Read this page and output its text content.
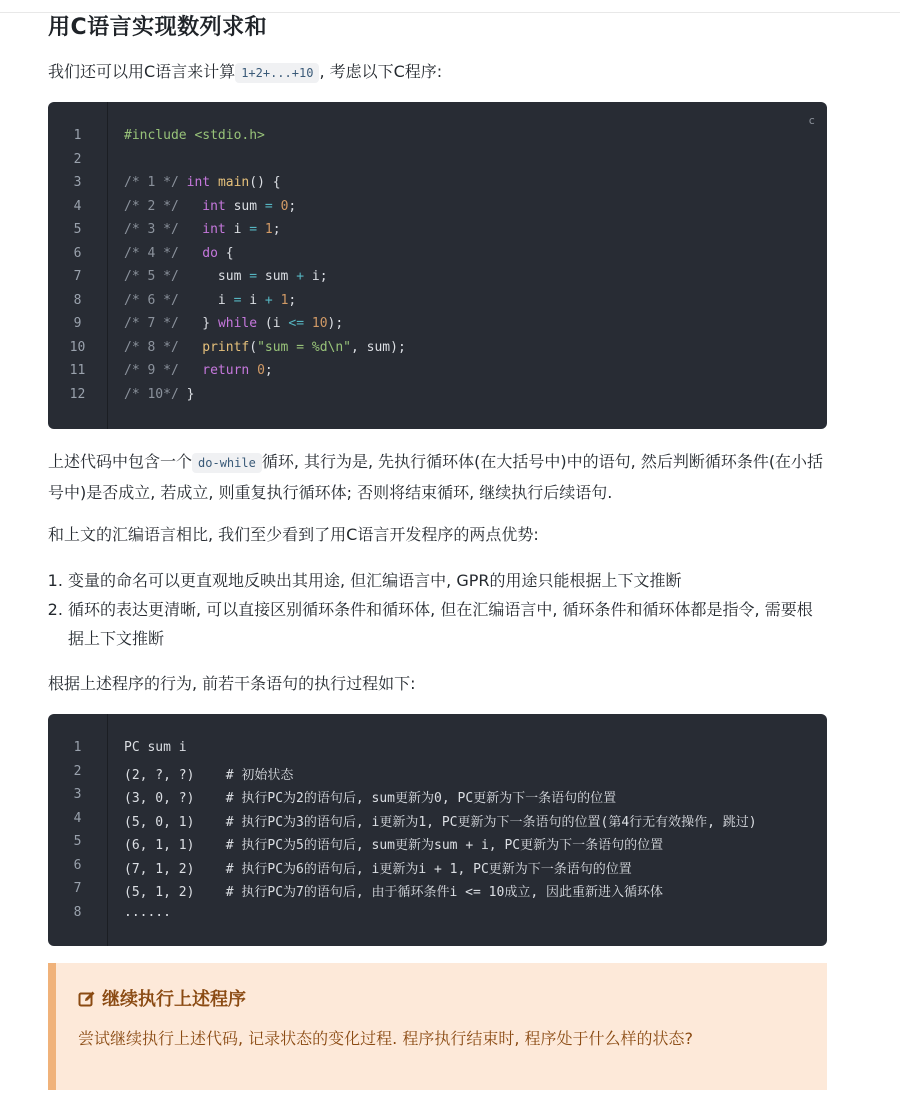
用C语言实现数列求和
我们还可以用C语言来计算 1+2+...+10 , 考虑以下C程序:
c
1	#include <stdio.h>
2
3	/* 1 */ int main() {
4	/* 2 */ int sum = 0;
5	/* 3 */ int i = 1;
6	/* 4 */ do {
7	/* 5 */     sum = sum + i;
8	/* 6 */     i = i + 1;
9	/* 7 */   } while (i <= 10);
10	/* 8 */ printf("sum = %d\n", sum);
11	/* 9 */ return 0;
12	/* 10*/ }
上述代码中包含一个 do-while 循环, 其行为是, 先执行循环体(在大括号中)中的语句, 然后判断循环条件(在小括号中)是否成立, 若成立, 则重复执行循环体; 否则将结束循环, 继续执行后续语句.
和上文的汇编语言相比, 我们至少看到了用C语言开发程序的两点优势:
1. 变量的命名可以更直观地反映出其用途, 但汇编语言中, GPR的用途只能根据上下文推断
2. 循环的表达更清晰, 可以直接区别循环条件和循环体, 但在汇编语言中, 循环条件和循环体都是指令, 需要根据上下文推断
根据上述程序的行为, 前若干条语句的执行过程如下:
1	PC sum i
2	(2, ?, ?)    # 初始状态
3	(3, 0, ?)    # 执行PC为2的语句后, sum更新为0, PC更新为下一条语句的位置
4	(5, 0, 1)    # 执行PC为3的语句后, i更新为1, PC更新为下一条语句的位置(第4行无有效操作, 跳过)
5	(6, 1, 1)    # 执行PC为5的语句后, sum更新为sum + i, PC更新为下一条语句的位置
6	(7, 1, 2)    # 执行PC为6的语句后, i更新为i + 1, PC更新为下一条语句的位置
7	(5, 1, 2)    # 执行PC为7的语句后, 由于循环条件i <= 10成立, 因此重新进入循环体
8	......
继续执行上述程序
尝试继续执行上述代码, 记录状态的变化过程. 程序执行结束时, 程序处于什么样的状态?
